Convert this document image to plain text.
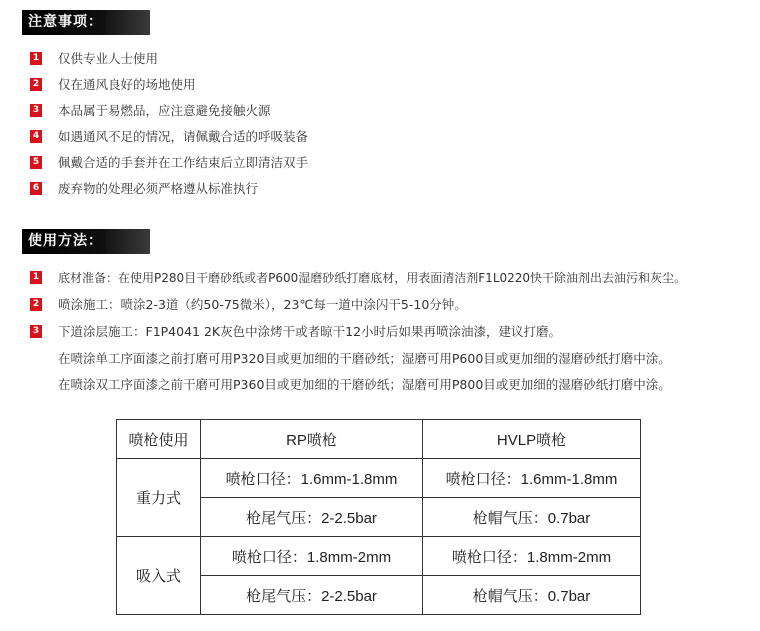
注意事项：
1 仅供专业人士使用
2 仅在通风良好的场地使用
3 本品属于易燃品，应注意避免接触火源
4 如遇通风不足的情况，请佩戴合适的呼吸装备
5 佩戴合适的手套并在工作结束后立即清洁双手
6 废弃物的处理必须严格遵从标准执行
使用方法：
1 底材准备：在使用P280目干磨砂纸或者P600湿磨砂纸打磨底材，用表面清洁剂F1L0220快干除油剂出去油污和灰尘。
2 喷涂施工：喷涂2-3道（约50-75微米），23℃每一道中涂闪干5-10分钟。
3 下道涂层施工：F1P4041 2K灰色中涂烤干或者晾干12小时后如果再喷涂油漆，建议打磨。
在喷涂单工序面漆之前打磨可用P320目或更加细的干磨砂纸；湿磨可用P600目或更加细的湿磨砂纸打磨中涂。
在喷涂双工序面漆之前干磨可用P360目或更加细的干磨砂纸；湿磨可用P800目或更加细的湿磨砂纸打磨中涂。
喷枪使用	RP喷枪	HVLP喷枪
重力式	喷枪口径：1.6mm-1.8mm	喷枪口径：1.6mm-1.8mm
	枪尾气压：2-2.5bar	枪帽气压：0.7bar
吸入式	喷枪口径：1.8mm-2mm	喷枪口径：1.8mm-2mm
	枪尾气压：2-2.5bar	枪帽气压：0.7bar
